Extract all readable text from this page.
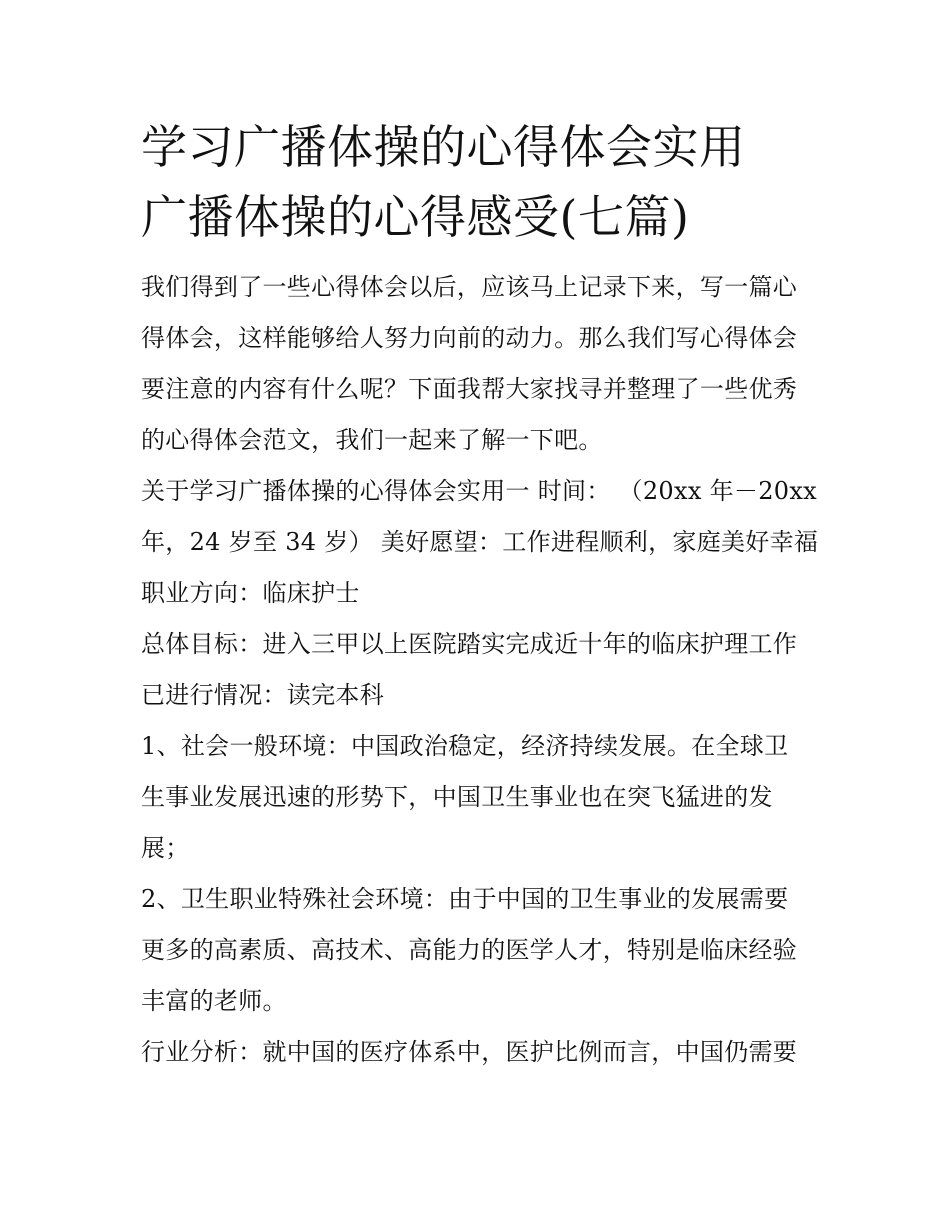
学习广播体操的心得体会实用
广播体操的心得感受(七篇)

我们得到了一些心得体会以后，应该马上记录下来，写一篇心
得体会，这样能够给人努力向前的动力。那么我们写心得体会
要注意的内容有什么呢？下面我帮大家找寻并整理了一些优秀
的心得体会范文，我们一起来了解一下吧。

关于学习广播体操的心得体会实用一 时间： （20xx 年－20xx
年，24 岁至 34 岁） 美好愿望：工作进程顺利，家庭美好幸福
职业方向：临床护士

总体目标：进入三甲以上医院踏实完成近十年的临床护理工作

已进行情况：读完本科

1、社会一般环境：中国政治稳定，经济持续发展。在全球卫
生事业发展迅速的形势下，中国卫生事业也在突飞猛进的发
展；

2、卫生职业特殊社会环境：由于中国的卫生事业的发展需要
更多的高素质、高技术、高能力的医学人才，特别是临床经验
丰富的老师。

行业分析：就中国的医疗体系中，医护比例而言，中国仍需要
